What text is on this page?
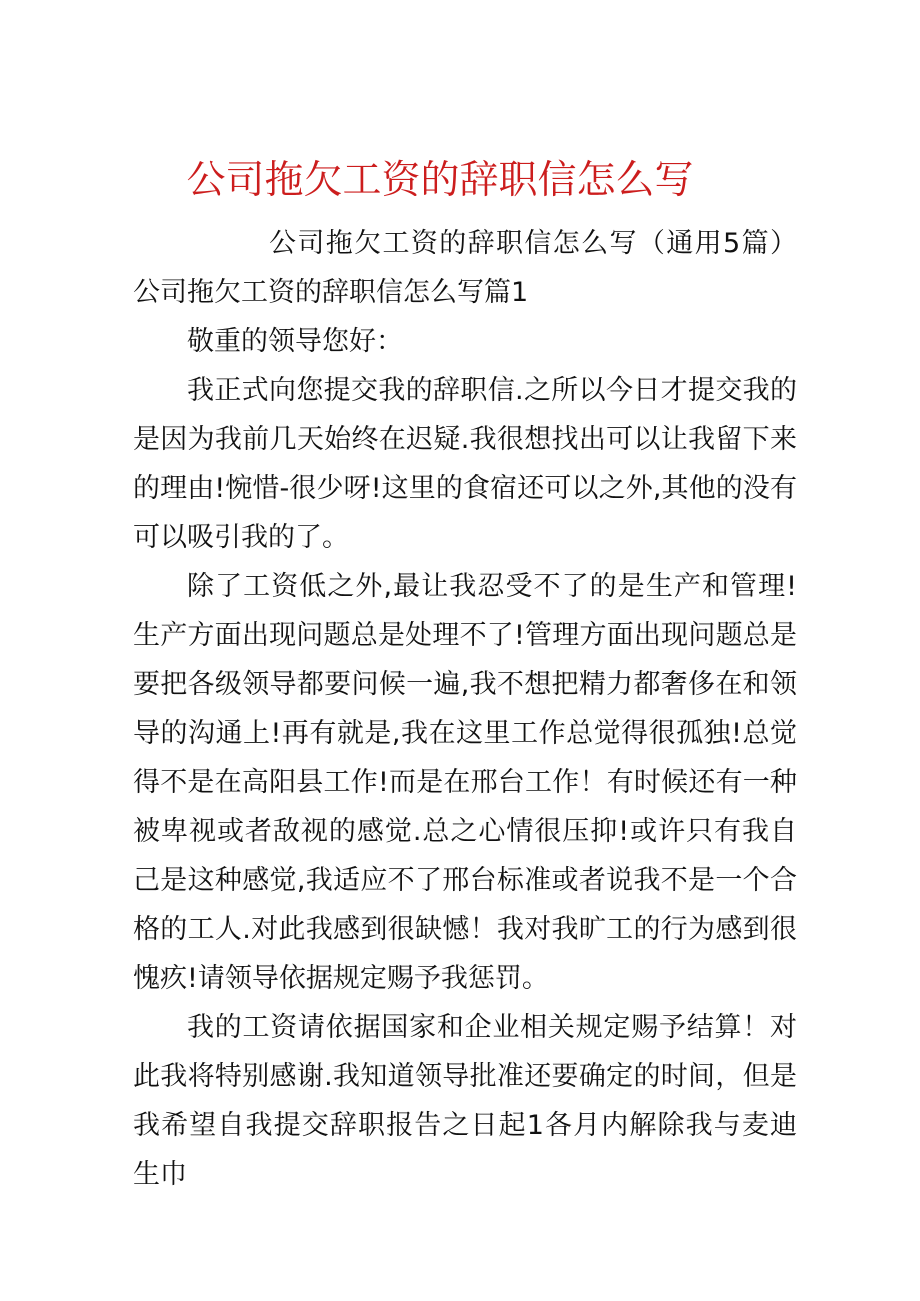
公司拖欠工资的辞职信怎么写

公司拖欠工资的辞职信怎么写（通用5篇）公司拖欠工资的辞职信怎么写篇1

敬重的领导您好：

我正式向您提交我的辞职信.之所以今日才提交我的是因为我前几天始终在迟疑.我很想找出可以让我留下来的理由!惋惜-很少呀!这里的食宿还可以之外,其他的没有可以吸引我的了。

除了工资低之外,最让我忍受不了的是生产和管理!生产方面出现问题总是处理不了!管理方面出现问题总是要把各级领导都要问候一遍,我不想把精力都奢侈在和领导的沟通上!再有就是,我在这里工作总觉得很孤独!总觉得不是在高阳县工作!而是在邢台工作！有时候还有一种被卑视或者敌视的感觉.总之心情很压抑!或许只有我自己是这种感觉,我适应不了邢台标准或者说我不是一个合格的工人.对此我感到很缺憾！我对我旷工的行为感到很愧疚!请领导依据规定赐予我惩罚。

我的工资请依据国家和企业相关规定赐予结算！对此我将特别感谢.我知道领导批准还要确定的时间，但是我希望自我提交辞职报告之日起1各月内解除我与麦迪生巾
